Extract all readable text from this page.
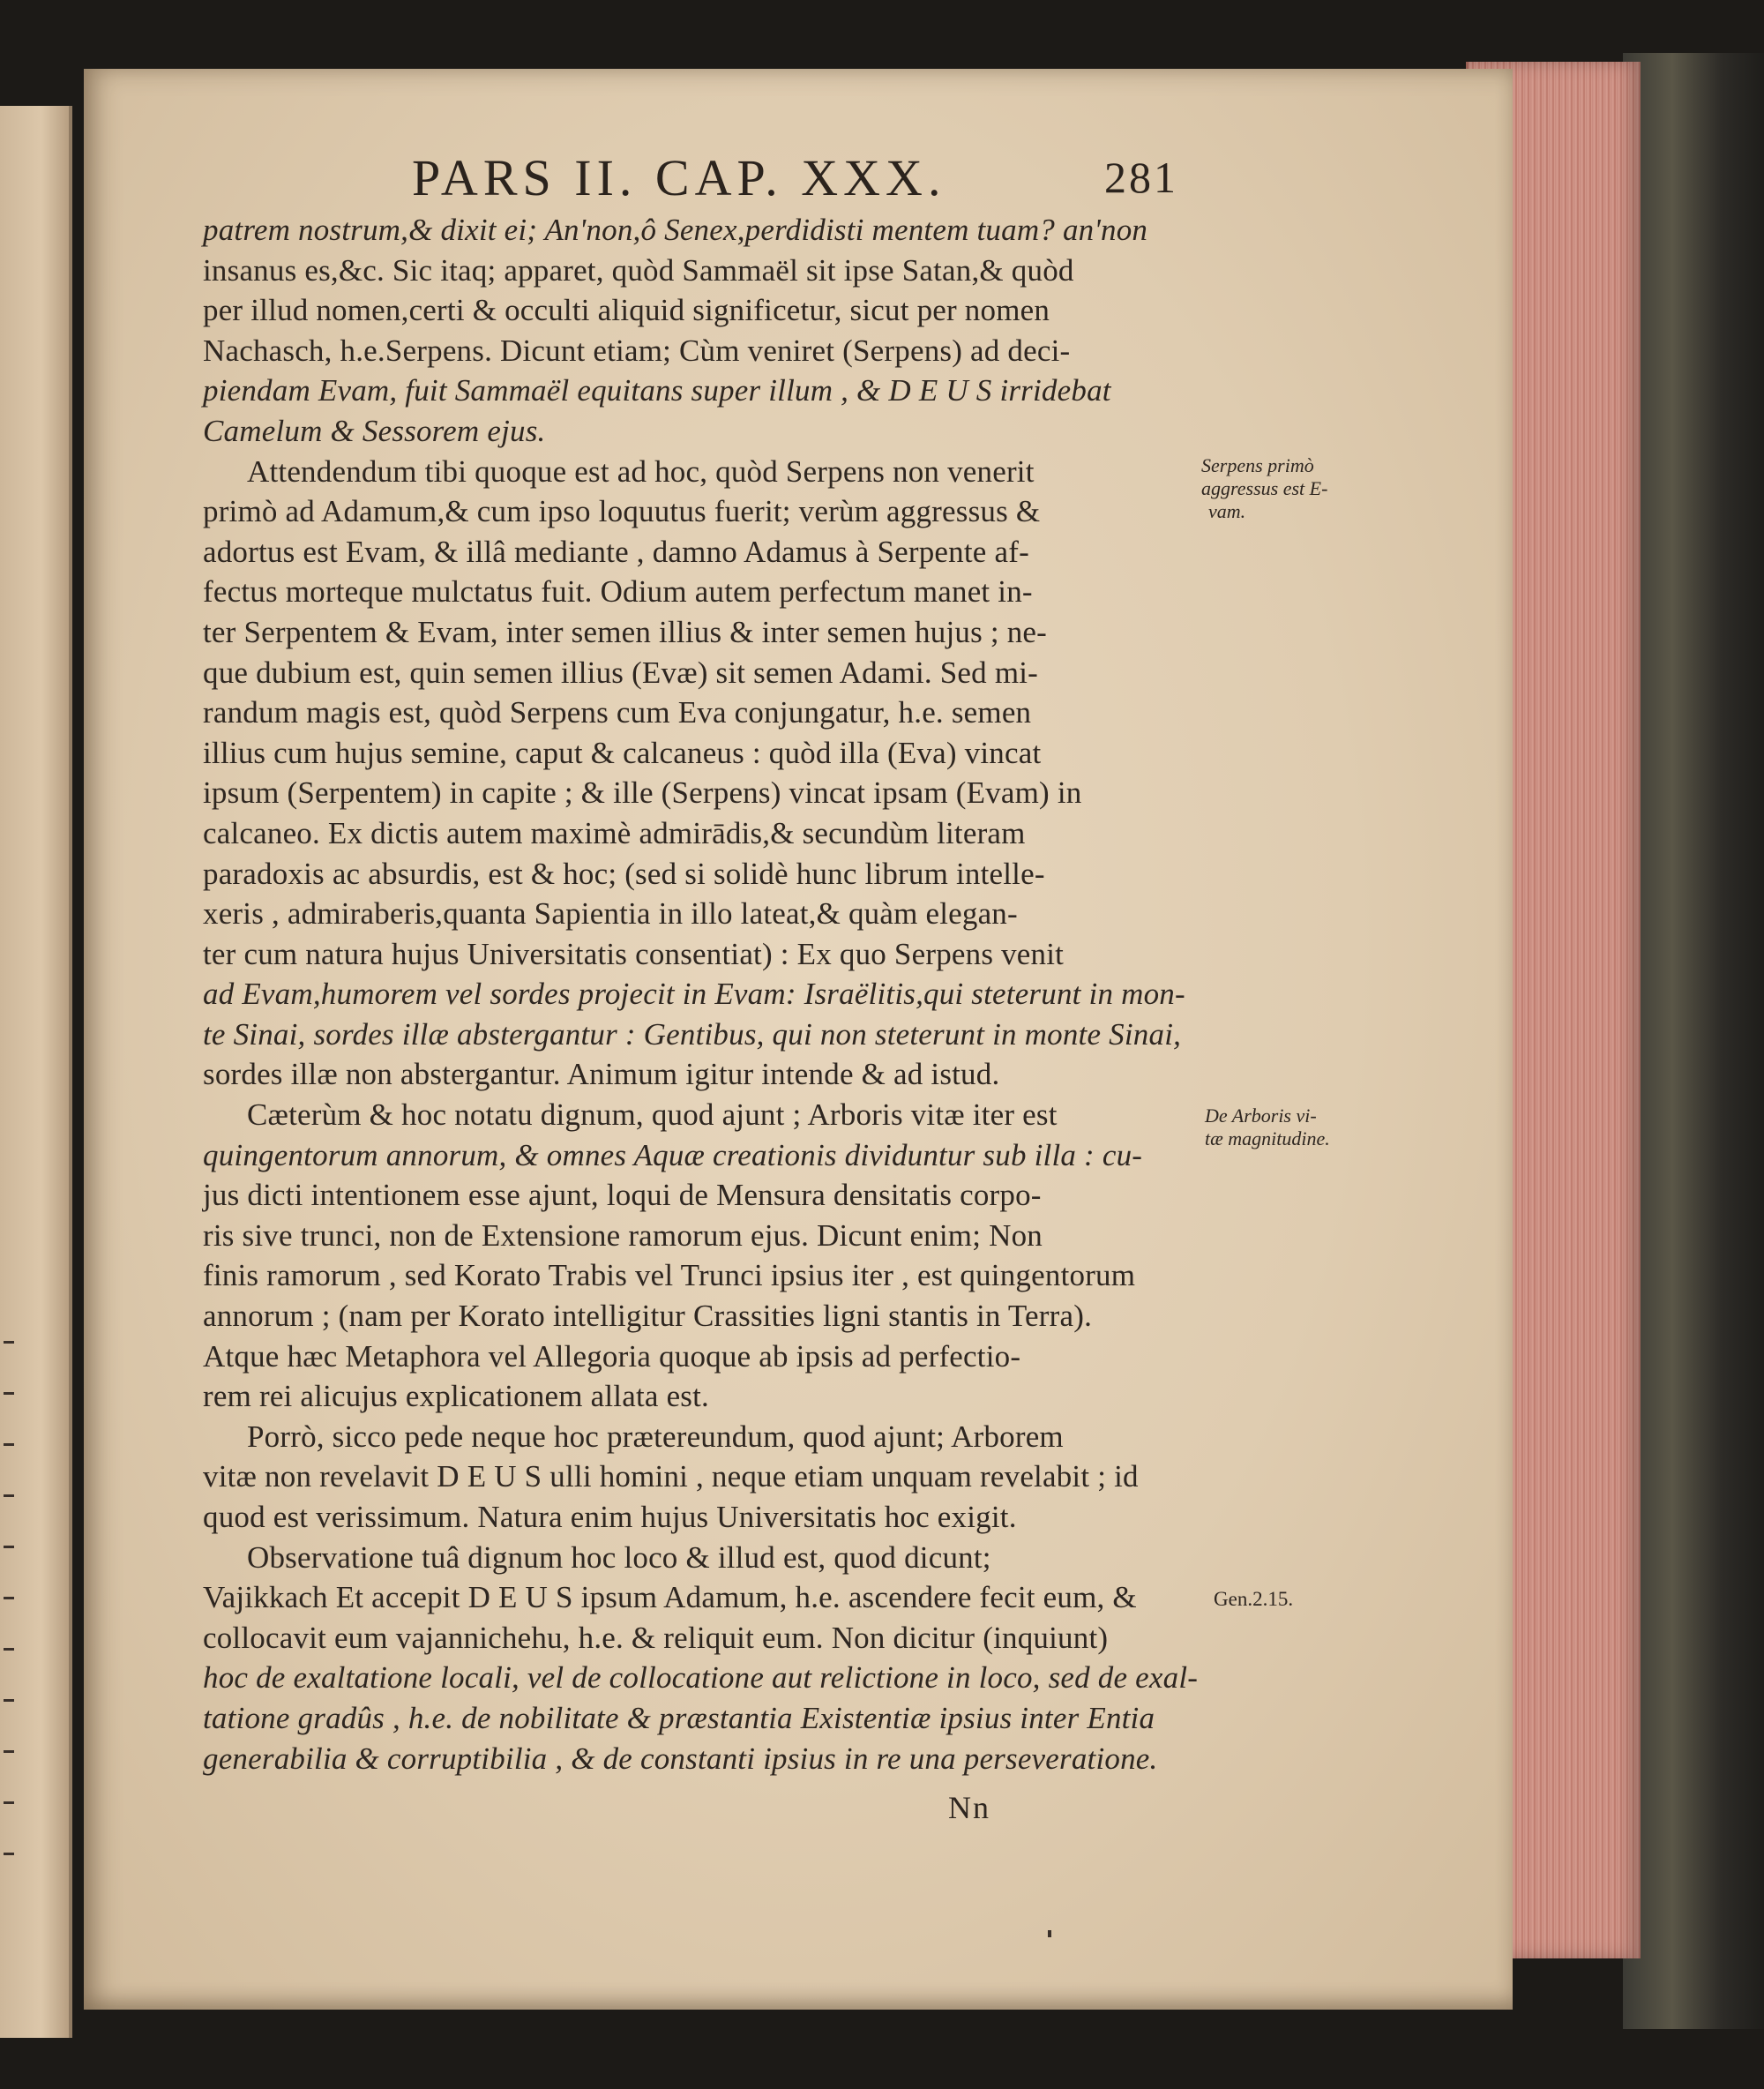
PARS II. CAP. XXX.	281
patrem nostrum,& dixit ei; An'non,ô Senex,perdidisti mentem tuam? an'non
insanus es,&c. Sic itaq; apparet, quòd Sammaël sit ipse Satan,& quòd
per illud nomen,certi & occulti aliquid significetur, sicut per nomen
Nachasch, h.e.Serpens. Dicunt etiam; Cùm veniret (Serpens) ad deci-
piendam Evam, fuit Sammaël equitans super illum , & D E U S irridebat
Camelum & Sessorem ejus.
Attendendum tibi quoque est ad hoc, quòd Serpens non venerit
primò ad Adamum,& cum ipso loquutus fuerit; verùm aggressus &
adortus est Evam, & illâ mediante , damno Adamus à Serpente af-
fectus morteque mulctatus fuit. Odium autem perfectum manet in-
ter Serpentem & Evam, inter semen illius & inter semen hujus ; ne-
que dubium est, quin semen illius (Evæ) sit semen Adami. Sed mi-
randum magis est, quòd Serpens cum Eva conjungatur, h.e. semen
illius cum hujus semine, caput & calcaneus : quòd illa (Eva) vincat
ipsum (Serpentem) in capite ; & ille (Serpens) vincat ipsam (Evam) in
calcaneo. Ex dictis autem maximè admirādis,& secundùm literam
paradoxis ac absurdis, est & hoc; (sed si solidè hunc librum intelle-
xeris , admiraberis,quanta Sapientia in illo lateat,& quàm elegan-
ter cum natura hujus Universitatis consentiat) : Ex quo Serpens venit
ad Evam,humorem vel sordes projecit in Evam: Israëlitis,qui steterunt in mon-
te Sinai, sordes illæ abstergantur : Gentibus, qui non steterunt in monte Sinai,
sordes illæ non abstergantur. Animum igitur intende & ad istud.
Cæterùm & hoc notatu dignum, quod ajunt ; Arboris vitæ iter est
quingentorum annorum, & omnes Aquæ creationis dividuntur sub illa : cu-
jus dicti intentionem esse ajunt, loqui de Mensura densitatis corpo-
ris sive trunci, non de Extensione ramorum ejus. Dicunt enim; Non
finis ramorum , sed Korato Trabis vel Trunci ipsius iter , est quingentorum
annorum ; (nam per Korato intelligitur Crassities ligni stantis in Terra).
Atque hæc Metaphora vel Allegoria quoque ab ipsis ad perfectio-
rem rei alicujus explicationem allata est.
Porrò, sicco pede neque hoc prætereundum, quod ajunt; Arborem
vitæ non revelavit D E U S ulli homini , neque etiam unquam revelabit ; id
quod est verissimum. Natura enim hujus Universitatis hoc exigit.
Observatione tuâ dignum hoc loco & illud est, quod dicunt;
Vajikkach Et accepit D E U S ipsum Adamum, h.e. ascendere fecit eum, &
collocavit eum vajannichehu, h.e. & reliquit eum. Non dicitur (inquiunt)
hoc de exaltatione locali, vel de collocatione aut relictione in loco, sed de exal-
tatione gradûs , h.e. de nobilitate & præstantia Existentiæ ipsius inter Entia
generabilia & corruptibilia , & de constanti ipsius in re una perseveratione.
Serpens primò
aggressus est E-
vam.
De Arboris vi-
tæ magnitudine.
Gen.2.15.
Nn
